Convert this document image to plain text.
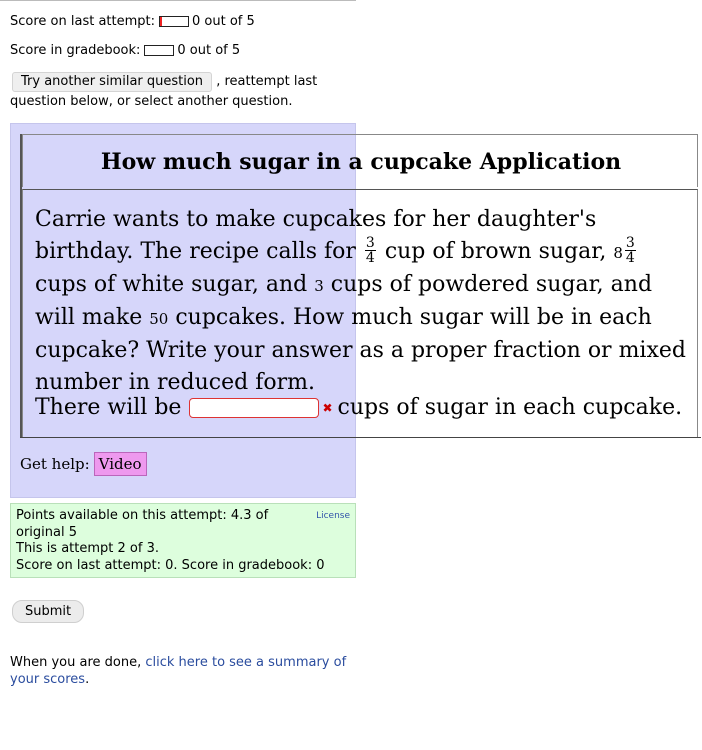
Score on last attempt:	0 out of 5
Score in gradebook:	0 out of 5
Try another similar question , reattempt last question below, or select another question.
How much sugar in a cupcake Application
Carrie wants to make cupcakes for her daughter's birthday. The recipe calls for $\frac{3}{4}$ cup of brown sugar, $8 \frac{3}{4}$
cups of white sugar, and 3 cups of powdered sugar, and will make 50 cupcakes. How much sugar will be in each cupcake? Write your answer as a proper fraction or mixed number in reduced form.
There will be	✖ cups of sugar in each cupcake.
Get help: Video
Points available on this attempt: 4.3 of original 5
License
This is attempt 2 of 3.
Score on last attempt: 0. Score in gradebook: 0
Submit
When you are done, click here to see a summary of your scores.
